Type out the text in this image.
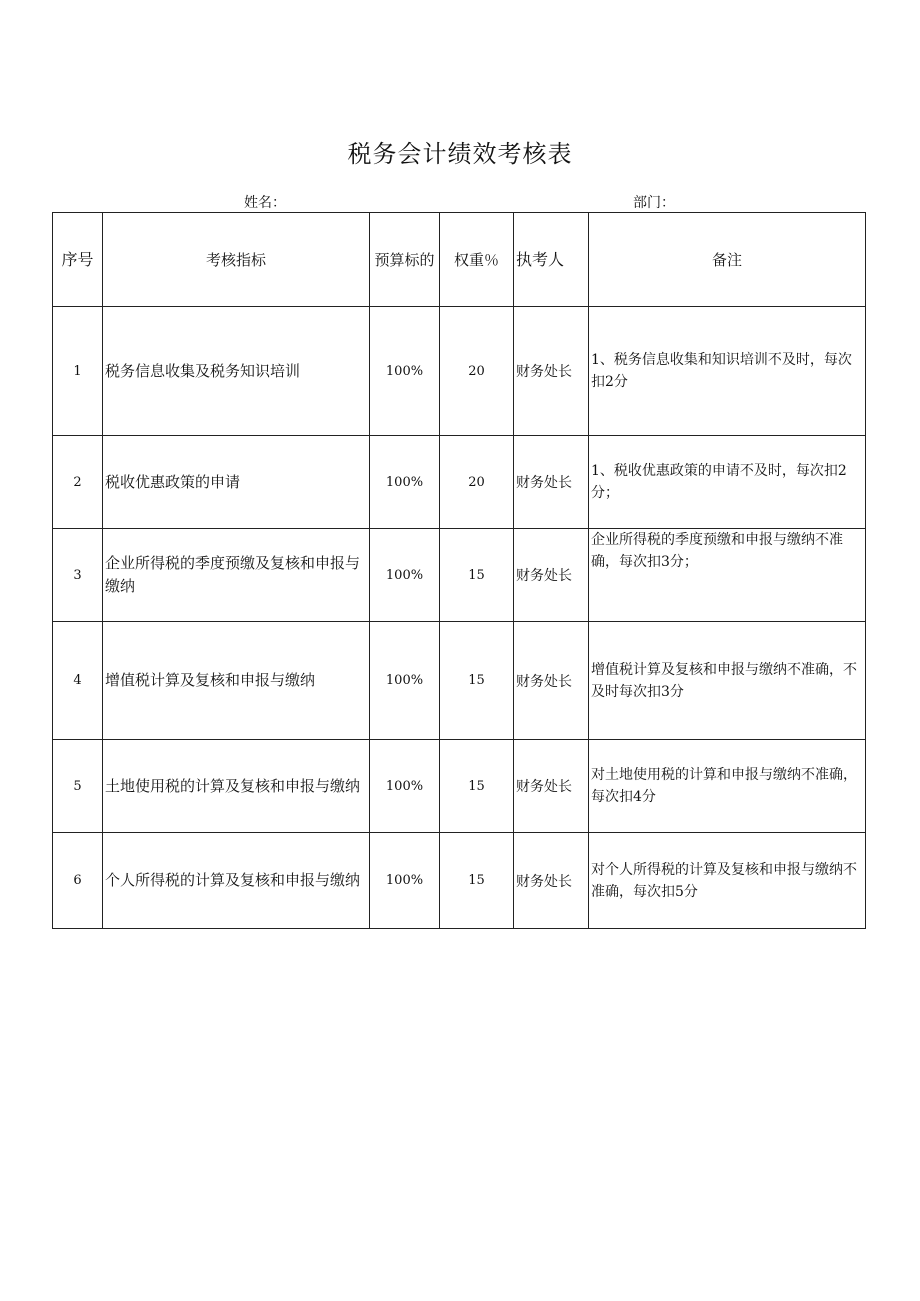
税务会计绩效考核表
姓名：	部门：
序号	考核指标	预算标的	权重％	执考人	备注
1	税务信息收集及税务知识培训	100%	20	财务处长	1、税务信息收集和知识培训不及时，每次扣2分
2	税收优惠政策的申请	100%	20	财务处长	1、税收优惠政策的申请不及时，每次扣2分；
3	企业所得税的季度预缴及复核和申报与缴纳	100%	15	财务处长	企业所得税的季度预缴和申报与缴纳不准确，每次扣3分；
4	增值税计算及复核和申报与缴纳	100%	15	财务处长	增值税计算及复核和申报与缴纳不准确，不及时每次扣3分
5	土地使用税的计算及复核和申报与缴纳	100%	15	财务处长	对土地使用税的计算和申报与缴纳不准确，每次扣4分
6	个人所得税的计算及复核和申报与缴纳	100%	15	财务处长	对个人所得税的计算及复核和申报与缴纳不准确，每次扣5分
